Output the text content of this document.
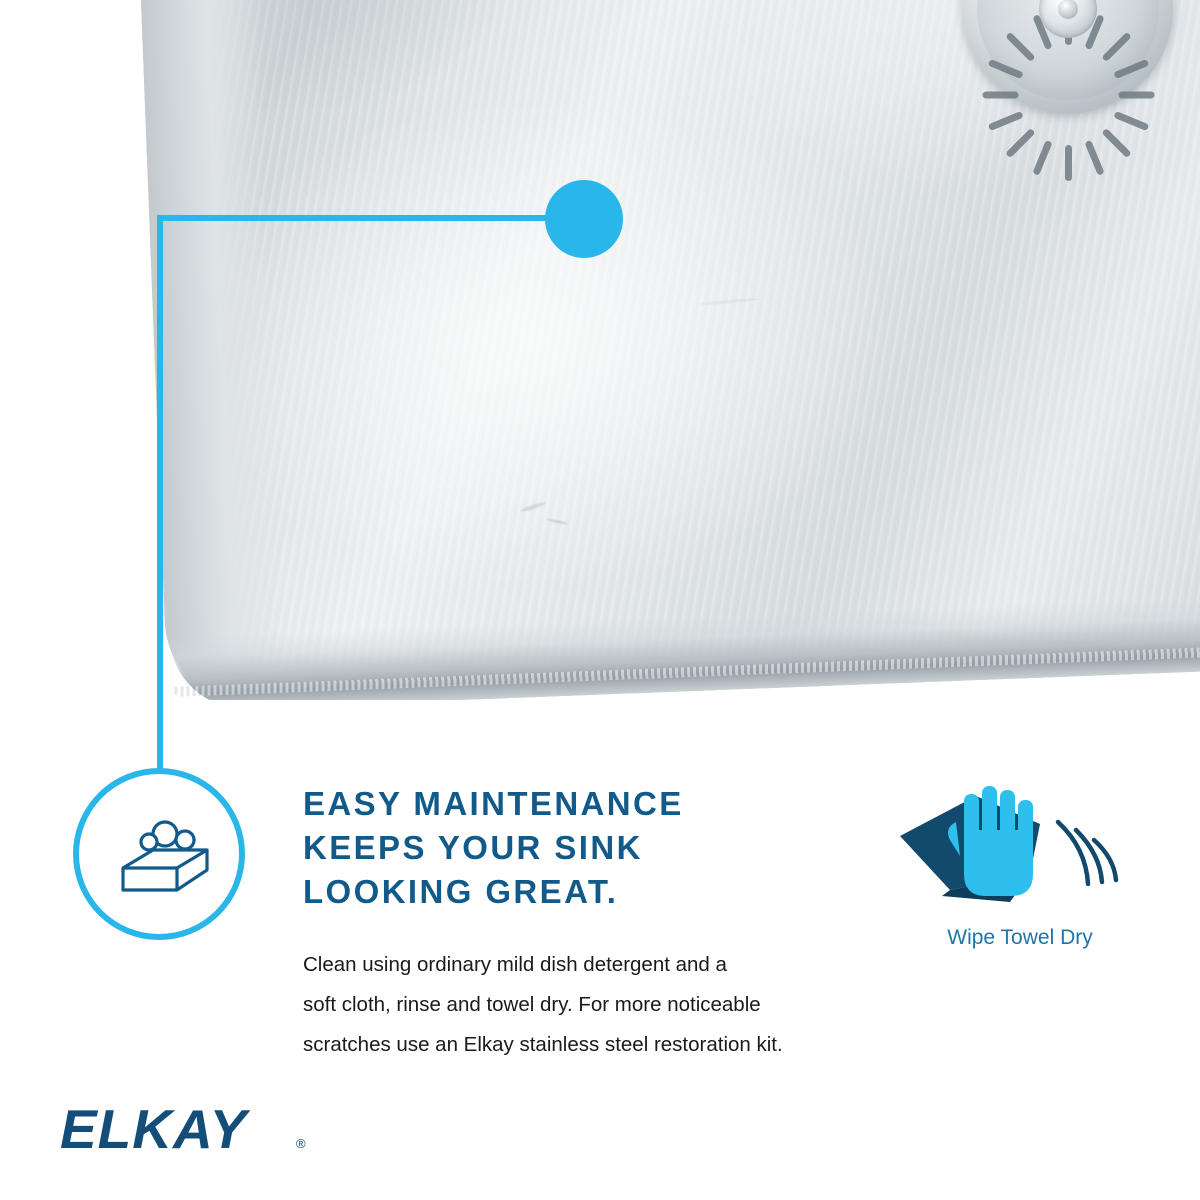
EASY MAINTENANCE
KEEPS YOUR SINK
LOOKING GREAT.
Clean using ordinary mild dish detergent and a
soft cloth, rinse and towel dry. For more noticeable
scratches use an Elkay stainless steel restoration kit.
Wipe Towel Dry
ELKAY	®
